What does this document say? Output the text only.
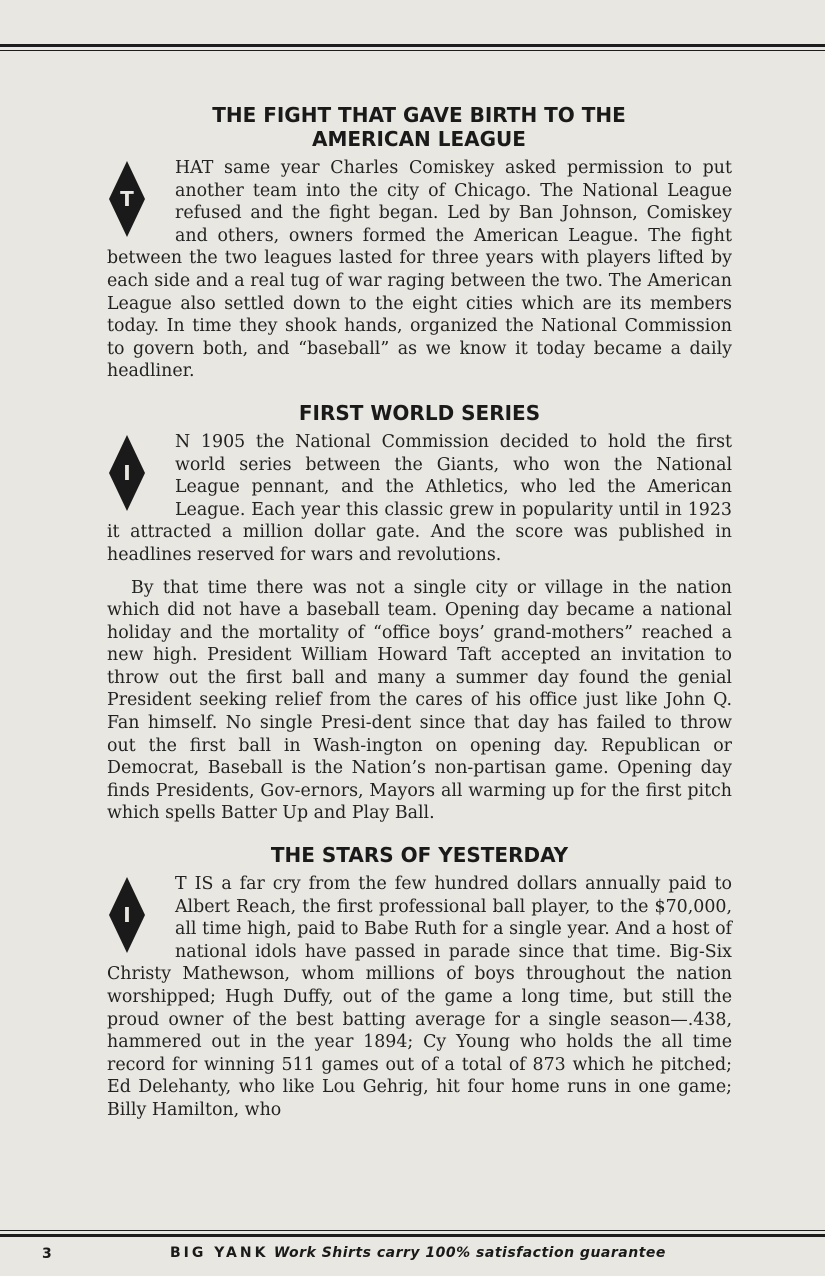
THE FIGHT THAT GAVE BIRTH TO THE AMERICAN LEAGUE
T

HAT same year Charles Comiskey asked permission to put another team into the city of Chicago. The National League refused and the fight began. Led by Ban Johnson, Comiskey and others, owners formed the American League. The fight between the two leagues lasted for three years with players lifted by each side and a real tug of war raging between the two. The American League also settled down to the eight cities which are its members today. In time they shook hands, organized the National Commission to govern both, and “baseball” as we know it today became a daily headliner.

FIRST WORLD SERIES
I

N 1905 the National Commission decided to hold the first world series between the Giants, who won the National League pennant, and the Athletics, who led the American League. Each year this classic grew in popularity until in 1923 it attracted a million dollar gate. And the score was published in headlines reserved for wars and revolutions.

By that time there was not a single city or village in the nation which did not have a baseball team. Opening day became a national holiday and the mortality of “office boys’ grand-mothers” reached a new high. President William Howard Taft accepted an invitation to throw out the first ball and many a summer day found the genial President seeking relief from the cares of his office just like John Q. Fan himself. No single Presi-dent since that day has failed to throw out the first ball in Wash-ington on opening day. Republican or Democrat, Baseball is the Nation’s non-partisan game. Opening day finds Presidents, Gov-ernors, Mayors all warming up for the first pitch which spells Batter Up and Play Ball.

THE STARS OF YESTERDAY
I

T IS a far cry from the few hundred dollars annually paid to Albert Reach, the first professional ball player, to the $70,000, all time high, paid to Babe Ruth for a single year. And a host of national idols have passed in parade since that time. Big-Six Christy Mathewson, whom millions of boys throughout the nation worshipped; Hugh Duffy, out of the game a long time, but still the proud owner of the best batting average for a single season—.438, hammered out in the year 1894; Cy Young who holds the all time record for winning 511 games out of a total of 873 which he pitched; Ed Delehanty, who like Lou Gehrig, hit four home runs in one game; Billy Hamilton, who

3	BIG YANK Work Shirts carry 100% satisfaction guarantee
